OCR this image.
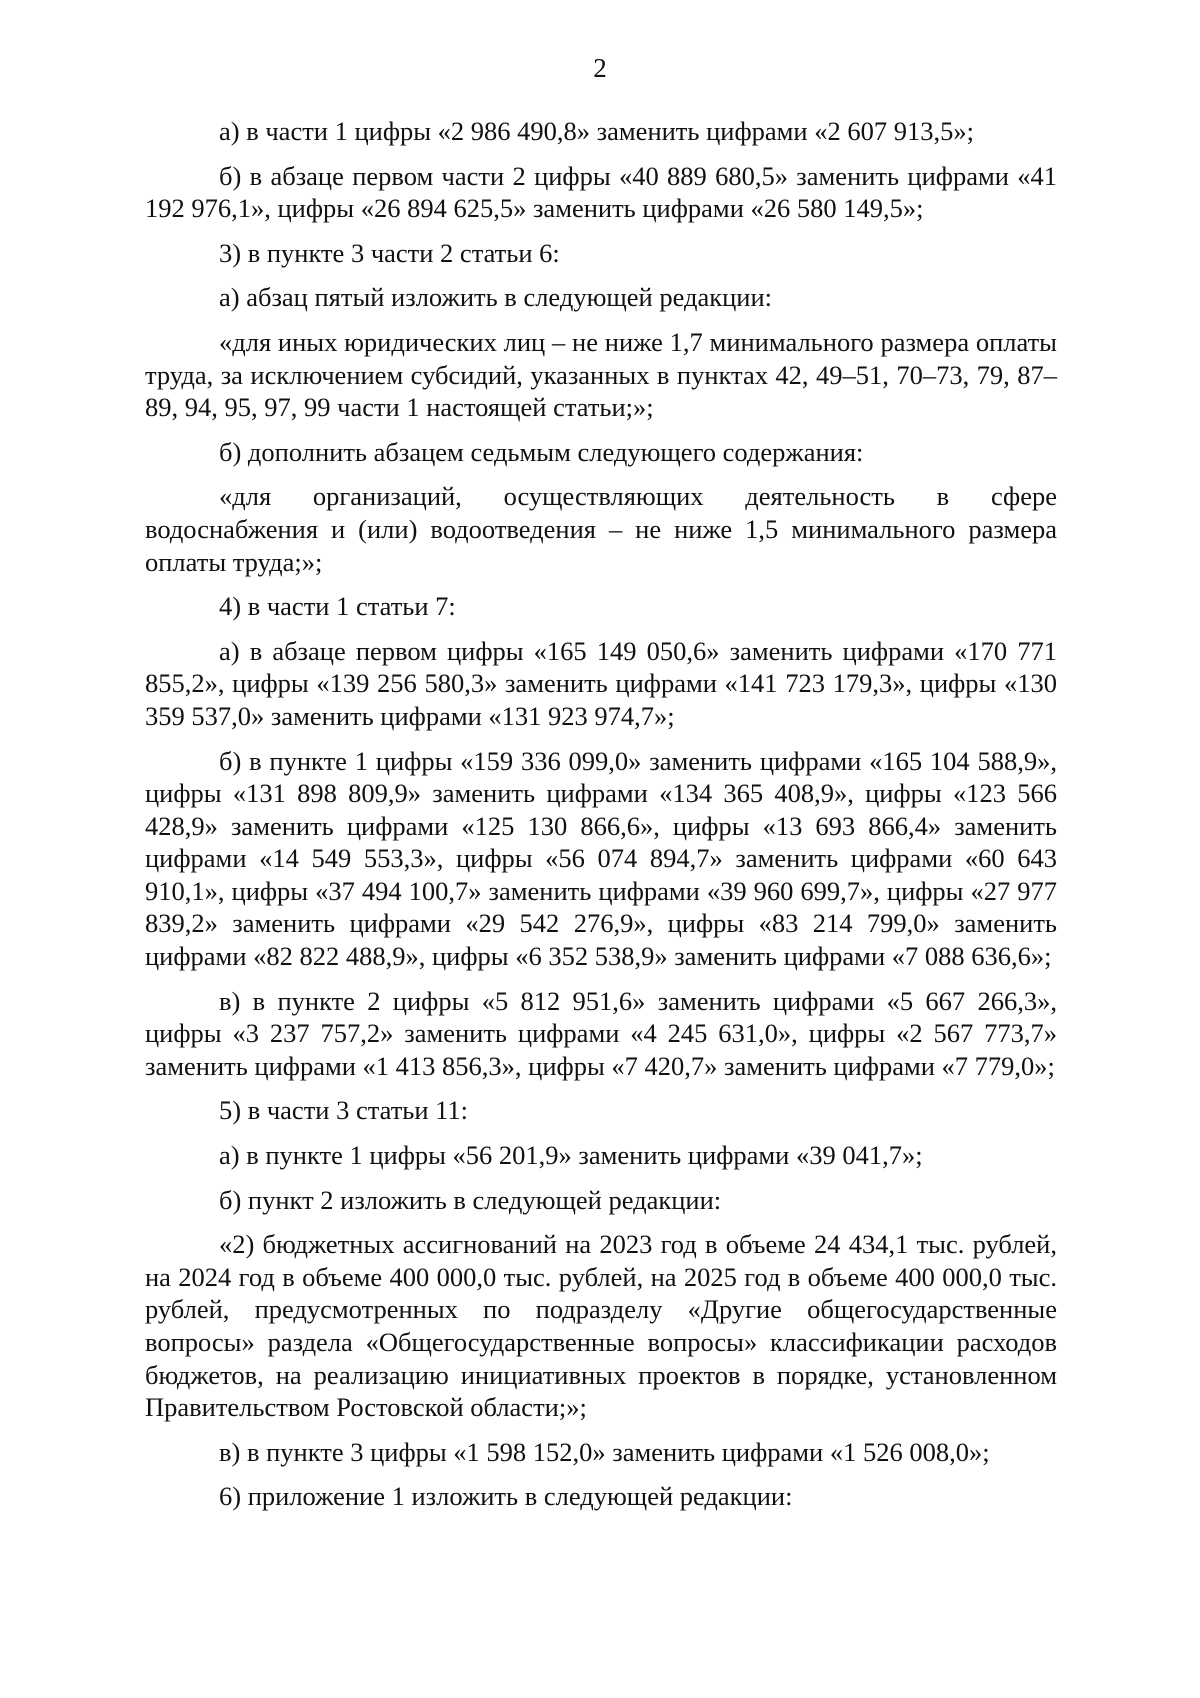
2

а) в части 1 цифры «2 986 490,8» заменить цифрами «2 607 913,5»;

б) в абзаце первом части 2 цифры «40 889 680,5» заменить цифрами «41 192 976,1», цифры «26 894 625,5» заменить цифрами «26 580 149,5»;

3) в пункте 3 части 2 статьи 6:

а) абзац пятый изложить в следующей редакции:

«для иных юридических лиц – не ниже 1,7 минимального размера оплаты труда, за исключением субсидий, указанных в пунктах 42, 49–51, 70–73, 79, 87–89, 94, 95, 97, 99 части 1 настоящей статьи;»;

б) дополнить абзацем седьмым следующего содержания:

«для организаций, осуществляющих деятельность в сфере водоснабжения и (или) водоотведения – не ниже 1,5 минимального размера оплаты труда;»;

4) в части 1 статьи 7:

а) в абзаце первом цифры «165 149 050,6» заменить цифрами «170 771 855,2», цифры «139 256 580,3» заменить цифрами «141 723 179,3», цифры «130 359 537,0» заменить цифрами «131 923 974,7»;

б) в пункте 1 цифры «159 336 099,0» заменить цифрами «165 104 588,9», цифры «131 898 809,9» заменить цифрами «134 365 408,9», цифры «123 566 428,9» заменить цифрами «125 130 866,6», цифры «13 693 866,4» заменить цифрами «14 549 553,3», цифры «56 074 894,7» заменить цифрами «60 643 910,1», цифры «37 494 100,7» заменить цифрами «39 960 699,7», цифры «27 977 839,2» заменить цифрами «29 542 276,9», цифры «83 214 799,0» заменить цифрами «82 822 488,9», цифры «6 352 538,9» заменить цифрами «7 088 636,6»;

в) в пункте 2 цифры «5 812 951,6» заменить цифрами «5 667 266,3», цифры «3 237 757,2» заменить цифрами «4 245 631,0», цифры «2 567 773,7» заменить цифрами «1 413 856,3», цифры «7 420,7» заменить цифрами «7 779,0»;

5) в части 3 статьи 11:

а) в пункте 1 цифры «56 201,9» заменить цифрами «39 041,7»;

б) пункт 2 изложить в следующей редакции:

«2) бюджетных ассигнований на 2023 год в объеме 24 434,1 тыс. рублей, на 2024 год в объеме 400 000,0 тыс. рублей, на 2025 год в объеме 400 000,0 тыс. рублей, предусмотренных по подразделу «Другие общегосударственные вопросы» раздела «Общегосударственные вопросы» классификации расходов бюджетов, на реализацию инициативных проектов в порядке, установленном Правительством Ростовской области;»;

в) в пункте 3 цифры «1 598 152,0» заменить цифрами «1 526 008,0»;

6) приложение 1 изложить в следующей редакции:
